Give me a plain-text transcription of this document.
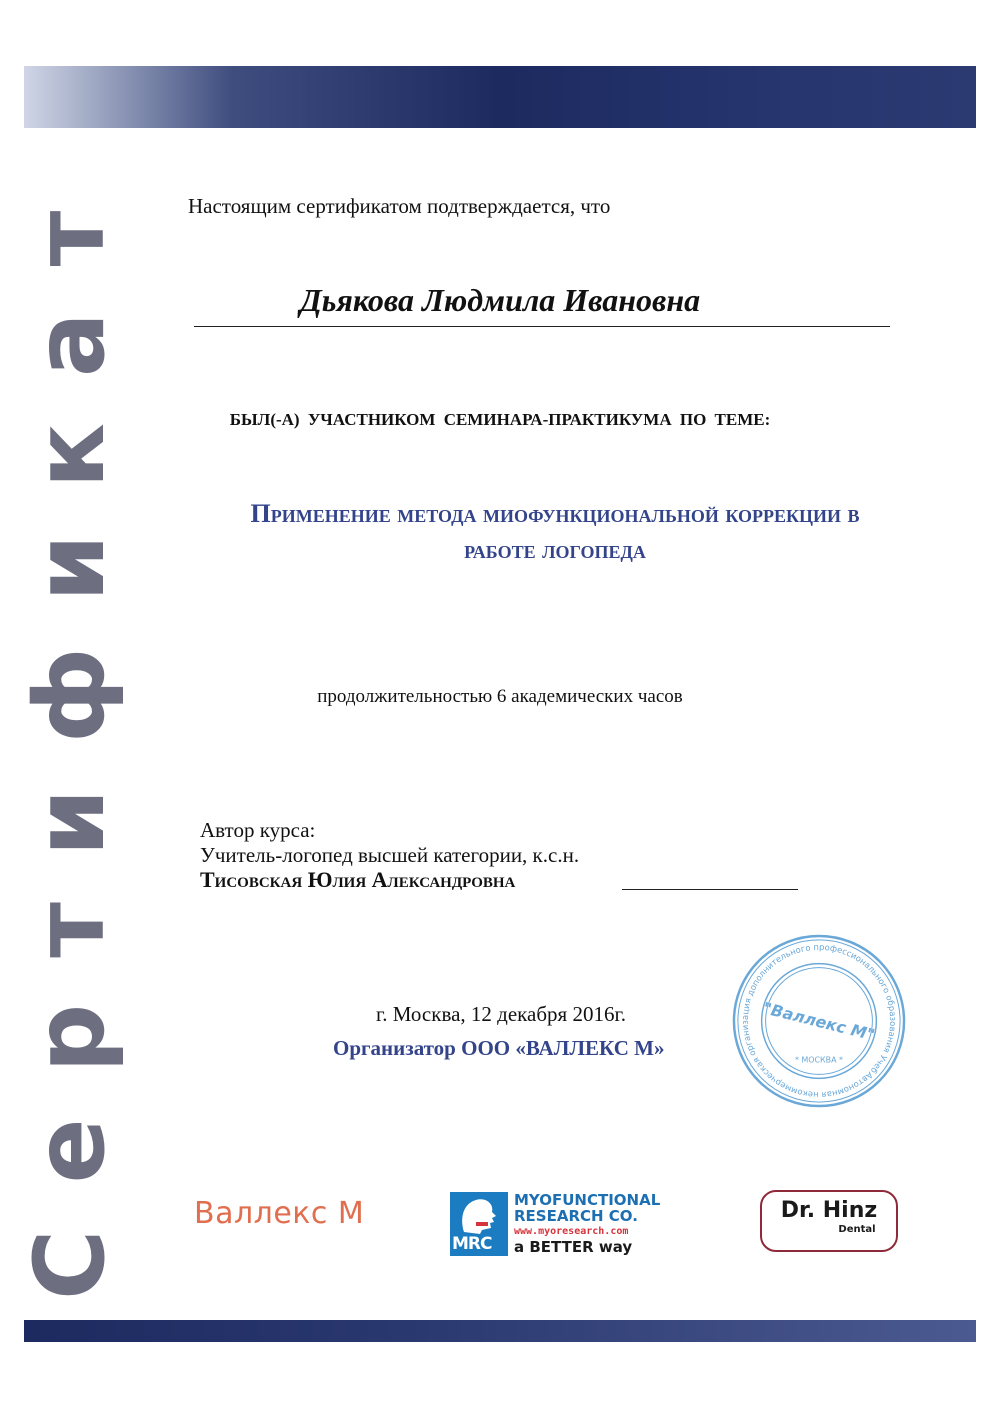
Сертификат	Настоящим сертификатом подтверждается, что
Дьякова Людмила Ивановна
БЫЛ(-А) УЧАСТНИКОМ СЕМИНАРА-ПРАКТИКУМА ПО ТЕМЕ:
Применение метода миофункциональной коррекции в
работе логопеда
продолжительностью 6 академических часов
Автор курса:
Учитель-логопед высшей категории, к.с.н.
Тисовская Юлия Александровна
Автономная некоммерческая организация дополнительного профессионального образования Учебно-методический
"Валлекс М"
* МОСКВА *
г. Москва, 12 декабря 2016г.
Организатор ООО «ВАЛЛЕКС М»
Валлекс М
MRC
MYOFUNCTIONAL
RESEARCH CO.
www.myoresearch.com
a BETTER way
Dr. Hinz
Dental
